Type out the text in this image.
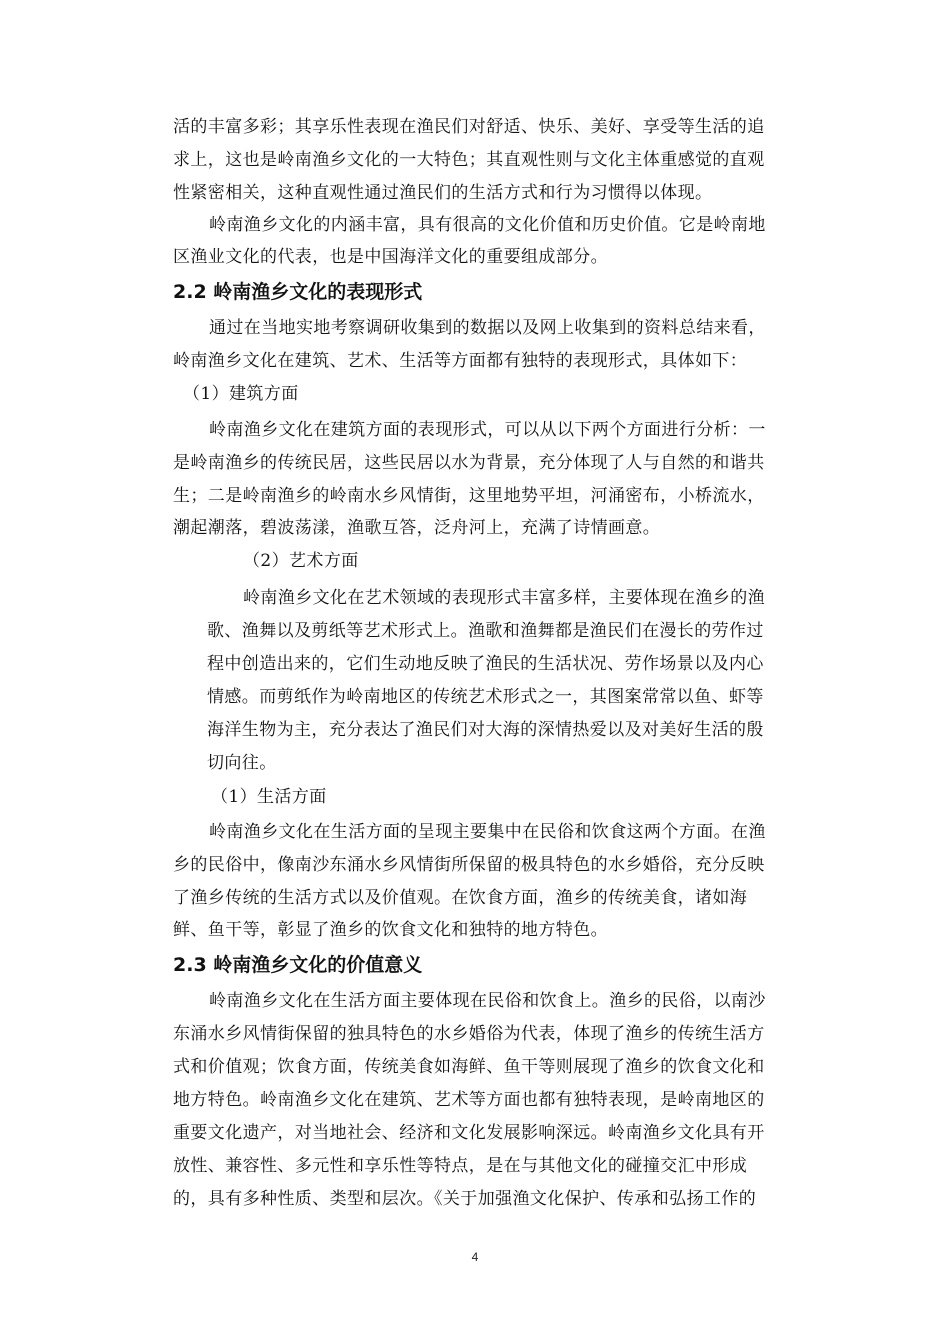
活的丰富多彩；其享乐性表现在渔民们对舒适、快乐、美好、享受等生活的追

求上，这也是岭南渔乡文化的一大特色；其直观性则与文化主体重感觉的直观

性紧密相关，这种直观性通过渔民们的生活方式和行为习惯得以体现。

岭南渔乡文化的内涵丰富，具有很高的文化价值和历史价值。它是岭南地

区渔业文化的代表，也是中国海洋文化的重要组成部分。

2.2 岭南渔乡文化的表现形式

通过在当地实地考察调研收集到的数据以及网上收集到的资料总结来看，

岭南渔乡文化在建筑、艺术、生活等方面都有独特的表现形式，具体如下：

（1）建筑方面

岭南渔乡文化在建筑方面的表现形式，可以从以下两个方面进行分析：一

是岭南渔乡的传统民居，这些民居以水为背景，充分体现了人与自然的和谐共

生；二是岭南渔乡的岭南水乡风情街，这里地势平坦，河涌密布，小桥流水，

潮起潮落，碧波荡漾，渔歌互答，泛舟河上，充满了诗情画意。

（2）艺术方面

岭南渔乡文化在艺术领域的表现形式丰富多样，主要体现在渔乡的渔

歌、渔舞以及剪纸等艺术形式上。渔歌和渔舞都是渔民们在漫长的劳作过

程中创造出来的，它们生动地反映了渔民的生活状况、劳作场景以及内心

情感。而剪纸作为岭南地区的传统艺术形式之一，其图案常常以鱼、虾等

海洋生物为主，充分表达了渔民们对大海的深情热爱以及对美好生活的殷

切向往。

（1）生活方面

岭南渔乡文化在生活方面的呈现主要集中在民俗和饮食这两个方面。在渔

乡的民俗中，像南沙东涌水乡风情街所保留的极具特色的水乡婚俗，充分反映

了渔乡传统的生活方式以及价值观。在饮食方面，渔乡的传统美食，诸如海

鲜、鱼干等，彰显了渔乡的饮食文化和独特的地方特色。

2.3 岭南渔乡文化的价值意义

岭南渔乡文化在生活方面主要体现在民俗和饮食上。渔乡的民俗，以南沙

东涌水乡风情街保留的独具特色的水乡婚俗为代表，体现了渔乡的传统生活方

式和价值观；饮食方面，传统美食如海鲜、鱼干等则展现了渔乡的饮食文化和

地方特色。岭南渔乡文化在建筑、艺术等方面也都有独特表现，是岭南地区的

重要文化遗产，对当地社会、经济和文化发展影响深远。岭南渔乡文化具有开

放性、兼容性、多元性和享乐性等特点，是在与其他文化的碰撞交汇中形成

的，具有多种性质、类型和层次。《关于加强渔文化保护、传承和弘扬工作的

4
